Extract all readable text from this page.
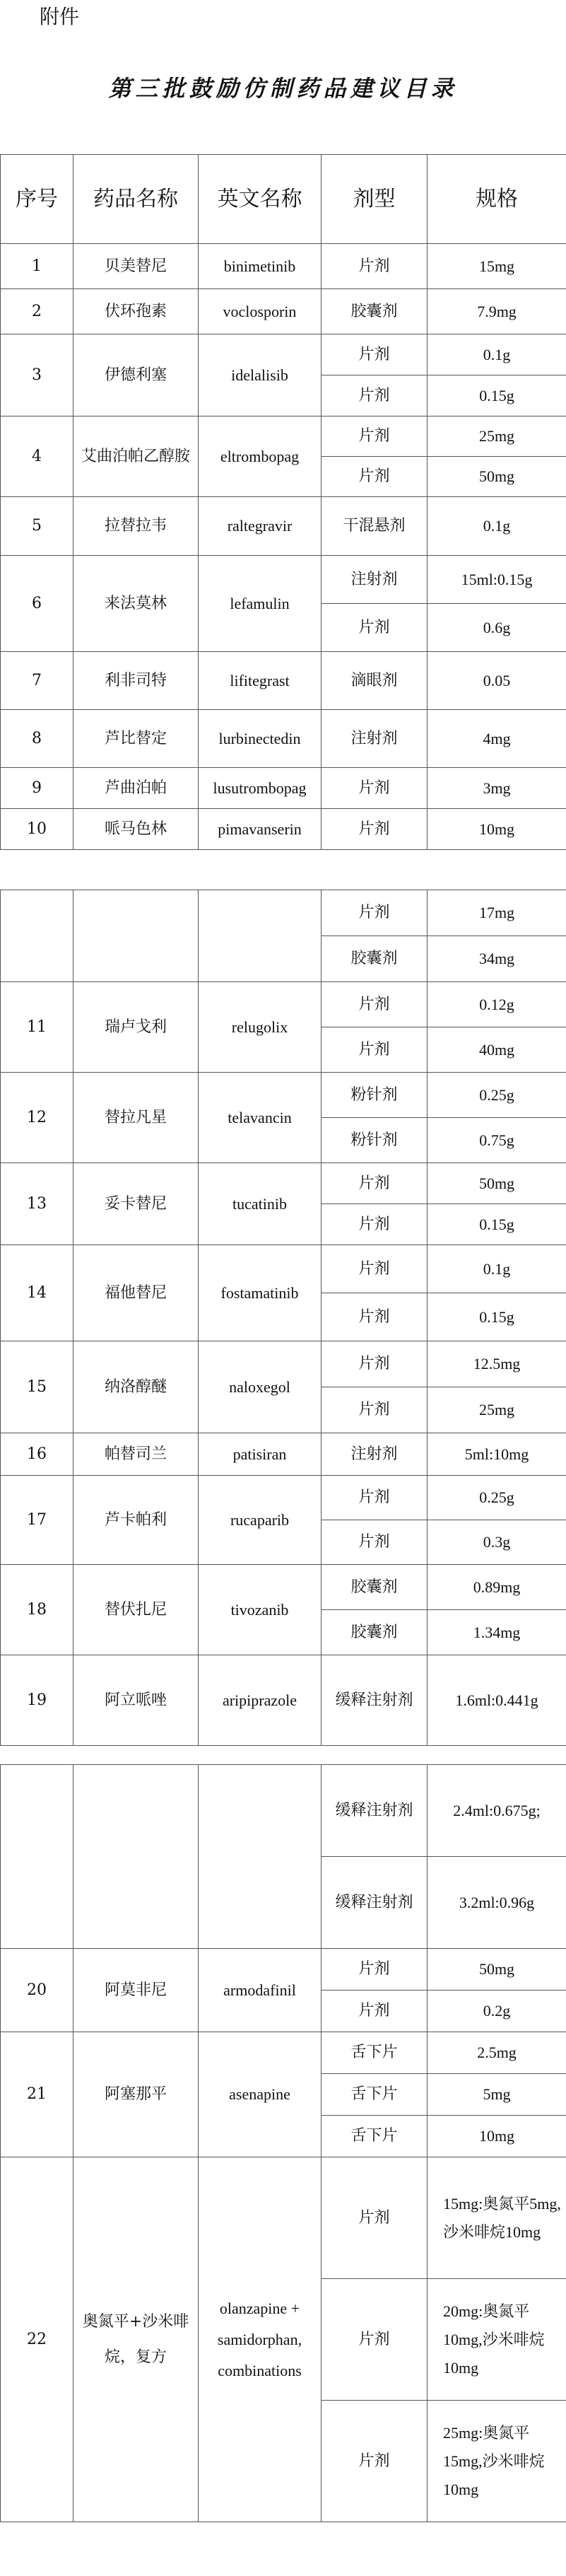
附件
第三批鼓励仿制药品建议目录
序号	药品名称	英文名称	剂型	规格
1	贝美替尼	binimetinib	片剂	15mg
2	伏环孢素	voclosporin	胶囊剂	7.9mg
3	伊德利塞	idelalisib	片剂	0.1g
			片剂	0.15g
4	艾曲泊帕乙醇胺	eltrombopag	片剂	25mg
			片剂	50mg
5	拉替拉韦	raltegravir	干混悬剂	0.1g
6	来法莫林	lefamulin	注射剂	15ml:0.15g
			片剂	0.6g
7	利非司特	lifitegrast	滴眼剂	0.05
8	芦比替定	lurbinectedin	注射剂	4mg
9	芦曲泊帕	lusutrombopag	片剂	3mg
10	哌马色林	pimavanserin	片剂	10mg
			片剂	17mg
			胶囊剂	34mg
11	瑞卢戈利	relugolix	片剂	0.12g
			片剂	40mg
12	替拉凡星	telavancin	粉针剂	0.25g
			粉针剂	0.75g
13	妥卡替尼	tucatinib	片剂	50mg
			片剂	0.15g
14	福他替尼	fostamatinib	片剂	0.1g
			片剂	0.15g
15	纳洛醇醚	naloxegol	片剂	12.5mg
			片剂	25mg
16	帕替司兰	patisiran	注射剂	5ml:10mg
17	芦卡帕利	rucaparib	片剂	0.25g
			片剂	0.3g
18	替伏扎尼	tivozanib	胶囊剂	0.89mg
			胶囊剂	1.34mg
19	阿立哌唑	aripiprazole	缓释注射剂	1.6ml:0.441g
			缓释注射剂	2.4ml:0.675g;
			缓释注射剂	3.2ml:0.96g
20	阿莫非尼	armodafinil	片剂	50mg
			片剂	0.2g
21	阿塞那平	asenapine	舌下片	2.5mg
			舌下片	5mg
			舌下片	10mg
22	奥氮平+沙米啡烷，复方	olanzapine + samidorphan, combinations	片剂	15mg:奥氮平5mg,沙米啡烷10mg
			片剂	20mg:奥氮平10mg,沙米啡烷10mg
			片剂	25mg:奥氮平15mg,沙米啡烷10mg
